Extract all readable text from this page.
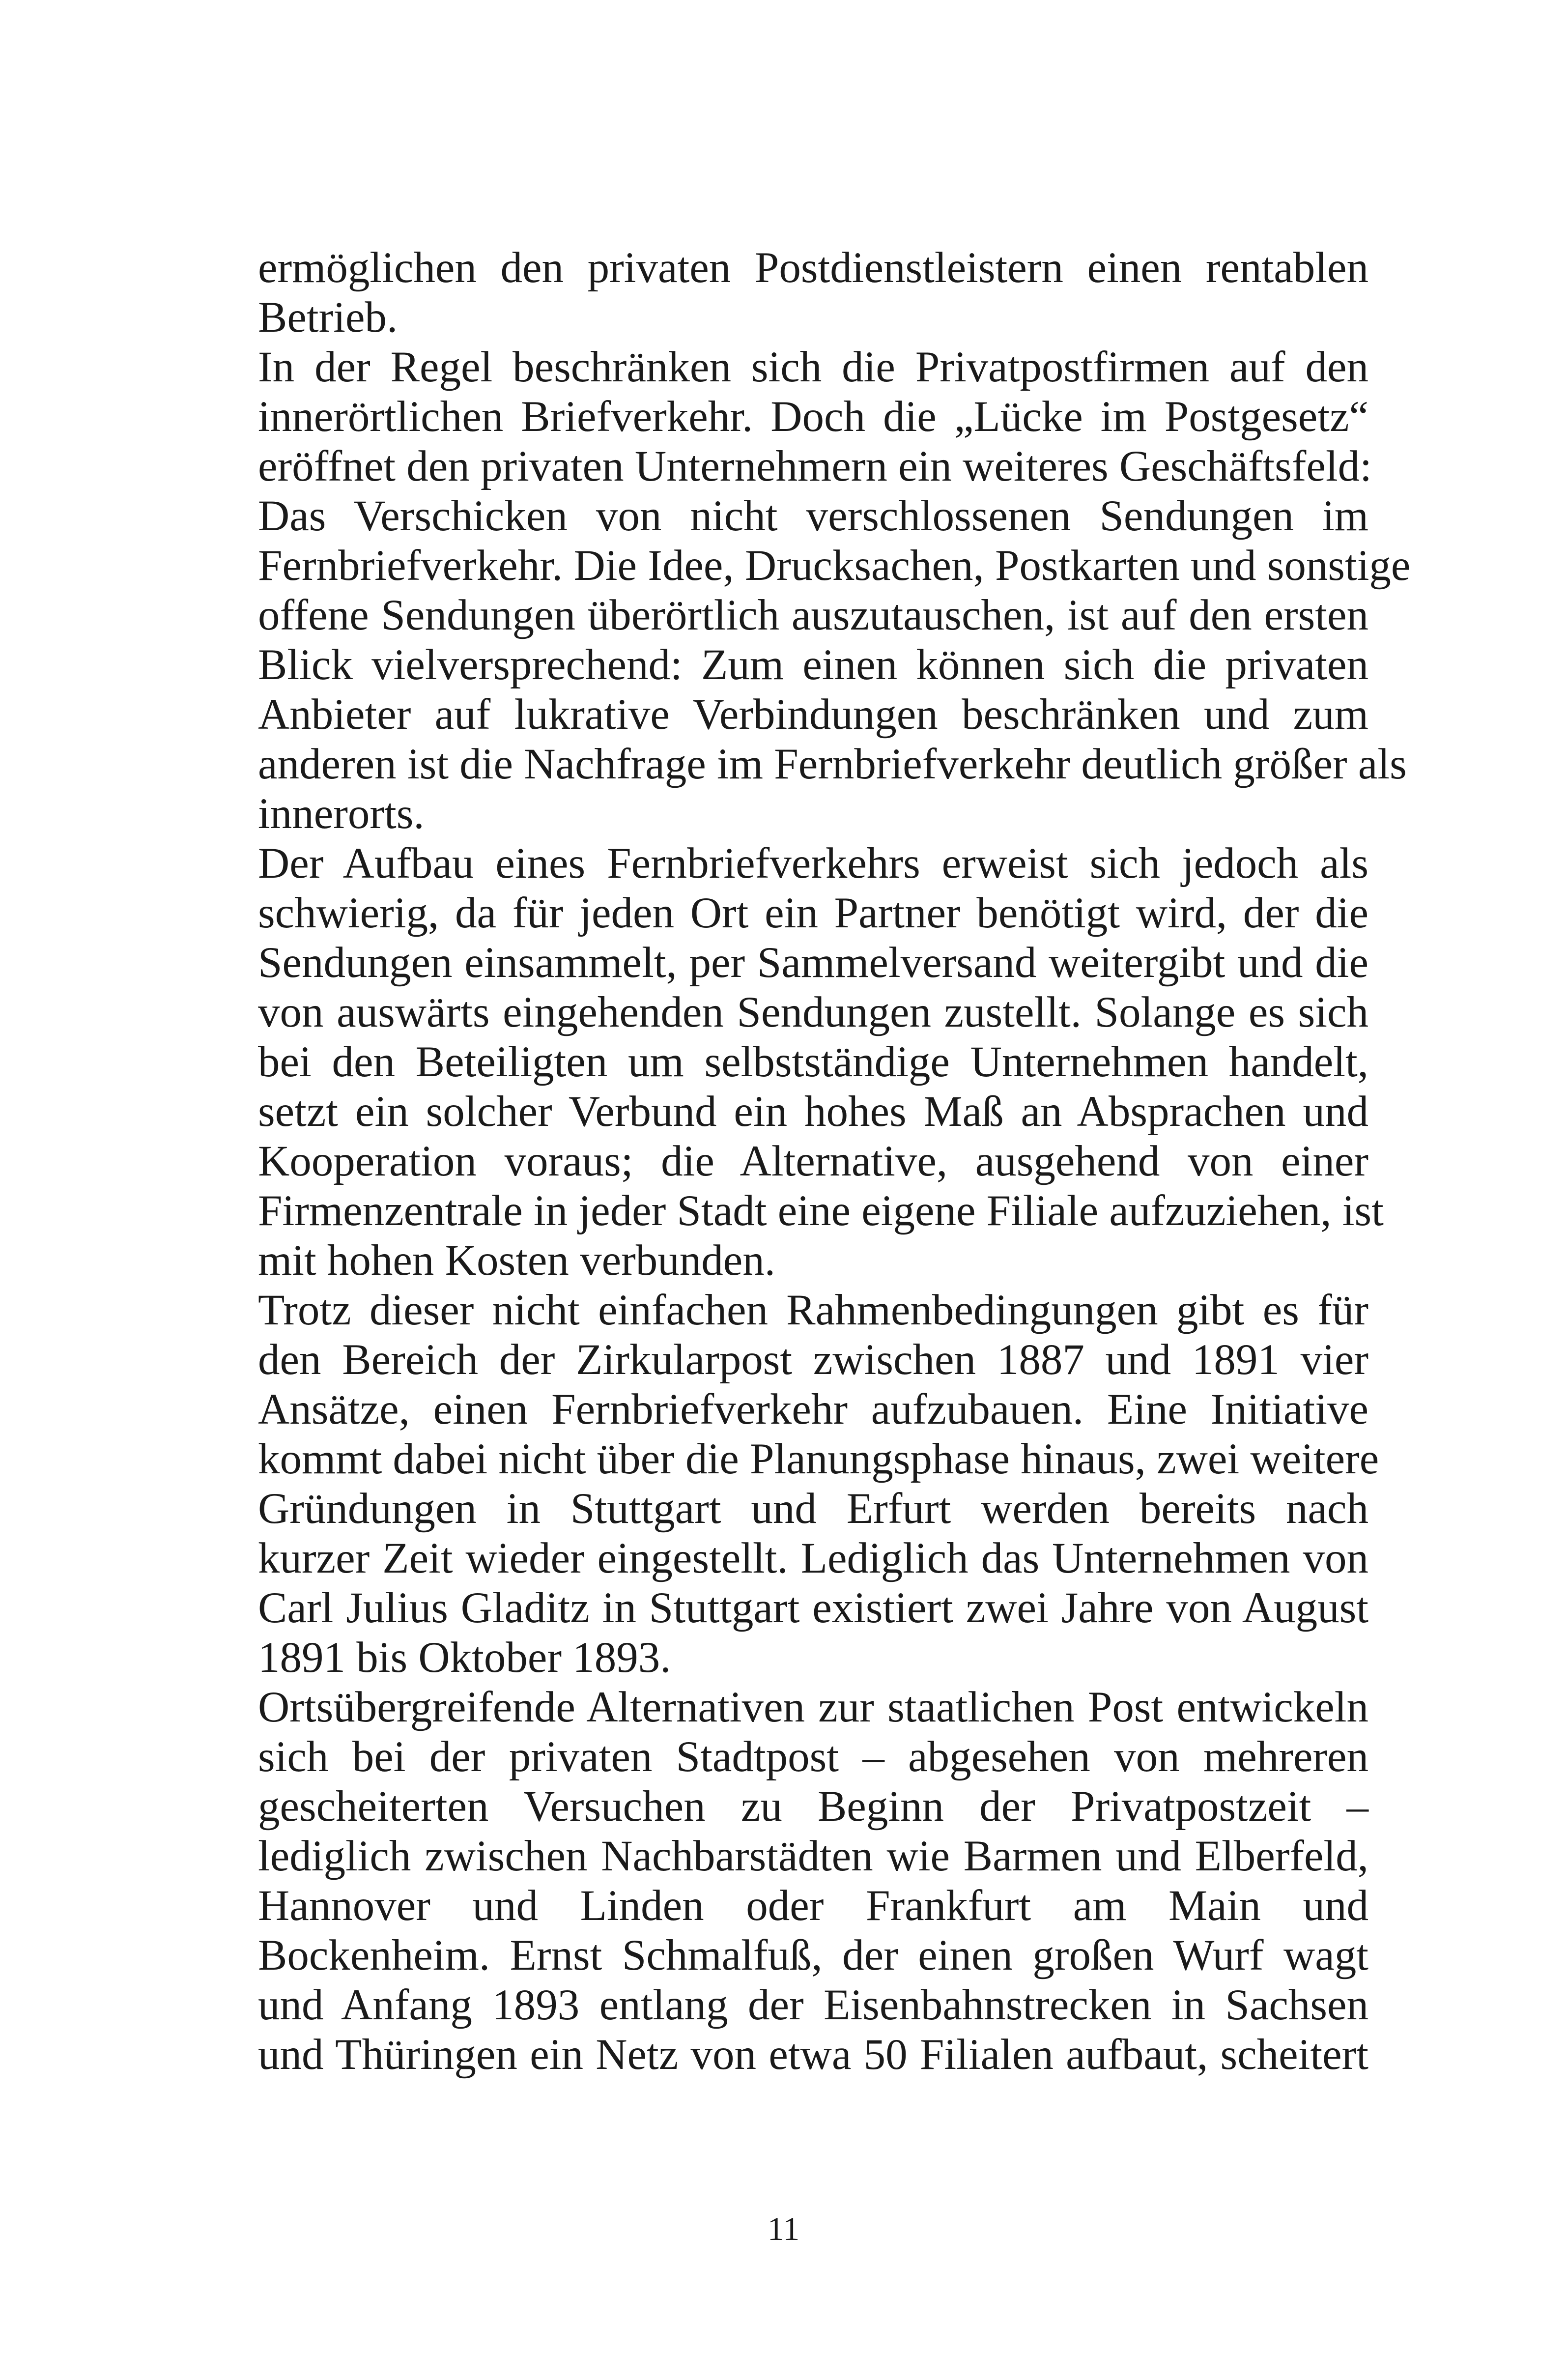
ermöglichen den privaten Postdienstleistern einen rentablen
Betrieb.
In der Regel beschränken sich die Privatpostfirmen auf den
innerörtlichen Briefverkehr. Doch die „Lücke im Postgesetz“
eröffnet den privaten Unternehmern ein weiteres Geschäftsfeld:
Das Verschicken von nicht verschlossenen Sendungen im
Fernbriefverkehr. Die Idee, Drucksachen, Postkarten und sonstige
offene Sendungen überörtlich auszutauschen, ist auf den ersten
Blick vielversprechend: Zum einen können sich die privaten
Anbieter auf lukrative Verbindungen beschränken und zum
anderen ist die Nachfrage im Fernbriefverkehr deutlich größer als
innerorts.
Der Aufbau eines Fernbriefverkehrs erweist sich jedoch als
schwierig, da für jeden Ort ein Partner benötigt wird, der die
Sendungen einsammelt, per Sammelversand weitergibt und die
von auswärts eingehenden Sendungen zustellt. Solange es sich
bei den Beteiligten um selbstständige Unternehmen handelt,
setzt ein solcher Verbund ein hohes Maß an Absprachen und
Kooperation voraus; die Alternative, ausgehend von einer
Firmenzentrale in jeder Stadt eine eigene Filiale aufzuziehen, ist
mit hohen Kosten verbunden.
Trotz dieser nicht einfachen Rahmenbedingungen gibt es für
den Bereich der Zirkularpost zwischen 1887 und 1891 vier
Ansätze, einen Fernbriefverkehr aufzubauen. Eine Initiative
kommt dabei nicht über die Planungsphase hinaus, zwei weitere
Gründungen in Stuttgart und Erfurt werden bereits nach
kurzer Zeit wieder eingestellt. Lediglich das Unternehmen von
Carl Julius Gladitz in Stuttgart existiert zwei Jahre von August
1891 bis Oktober 1893.
Ortsübergreifende Alternativen zur staatlichen Post entwickeln
sich bei der privaten Stadtpost – abgesehen von mehreren
gescheiterten Versuchen zu Beginn der Privatpostzeit –
lediglich zwischen Nachbarstädten wie Barmen und Elberfeld,
Hannover und Linden oder Frankfurt am Main und
Bockenheim. Ernst Schmalfuß, der einen großen Wurf wagt
und Anfang 1893 entlang der Eisenbahnstrecken in Sachsen
und Thüringen ein Netz von etwa 50 Filialen aufbaut, scheitert
11
